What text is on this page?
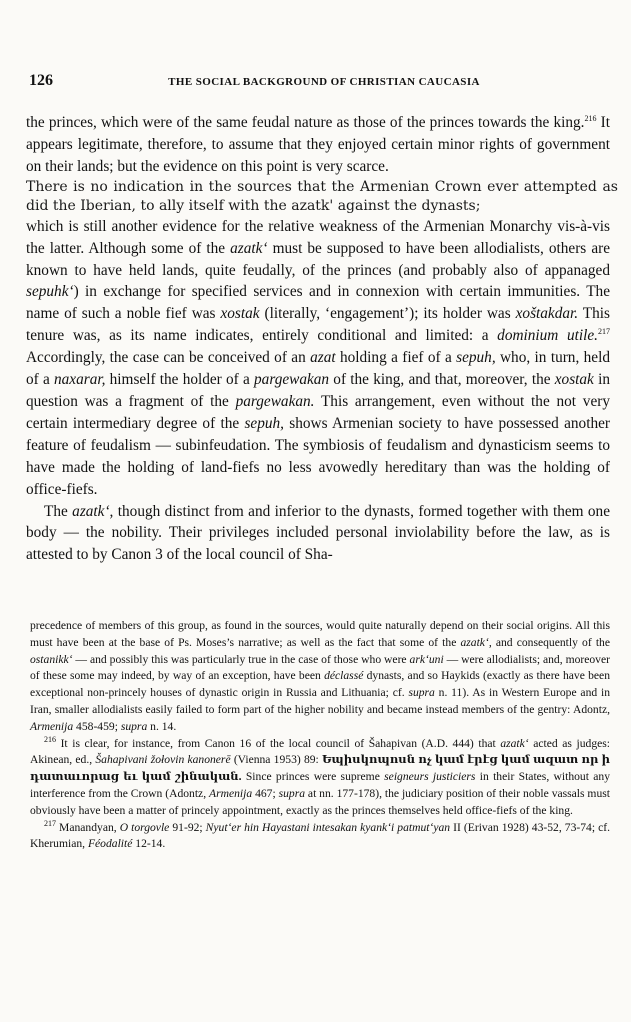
126	THE SOCIAL BACKGROUND OF CHRISTIAN CAUCASIA

the princes, which were of the same feudal nature as those of the princes towards the king.$^{216}$ It appears legitimate, therefore, to assume that they enjoyed certain minor rights of government on their lands; but the evidence on this point is very scarce.

There is no indication in the sources that the Armenian Crown ever attempted as did the Iberian, to ally itself with the azatk' against the dynasts;

which is still another evidence for the relative weakness of the Armenian Monarchy vis-à-vis the latter. Although some of the azatk‘ must be supposed to have been allodialists, others are known to have held lands, quite feudally, of the princes (and probably also of appanaged sepuhk‘) in exchange for specified services and in connexion with certain immunities. The name of such a noble fief was xostak (literally, ‘engagement’); its holder was xoštakdar. This tenure was, as its name indicates, entirely conditional and limited: a dominium utile.$^{217}$ Accordingly, the case can be conceived of an azat holding a fief of a sepuh, who, in turn, held of a naxarar, himself the holder of a pargewakan of the king, and that, moreover, the xostak in question was a fragment of the pargewakan. This arrangement, even without the not very certain intermediary degree of the sepuh, shows Armenian society to have possessed another feature of feudalism — subinfeudation. The symbiosis of feudalism and dynasticism seems to have made the holding of land-fiefs no less avowedly hereditary than was the holding of office-fiefs.

The azatk‘, though distinct from and inferior to the dynasts, formed together with them one body — the nobility. Their privileges included personal inviolability before the law, as is attested to by Canon 3 of the local council of Sha-

precedence of members of this group, as found in the sources, would quite naturally depend on their social origins. All this must have been at the base of Ps. Moses’s narrative; as well as the fact that some of the azatk‘, and consequently of the ostanikk‘ — and possibly this was particularly true in the case of those who were ark‘uni — were allodialists; and, moreover of these some may indeed, by way of an exception, have been déclassé dynasts, and so Haykids (exactly as there have been exceptional non-princely houses of dynastic origin in Russia and Lithuania; cf. supra n. 11). As in Western Europe and in Iran, smaller allodialists easily failed to form part of the higher nobility and became instead members of the gentry: Adontz, Armenija 458-459; supra n. 14.

$^{216}$ It is clear, for instance, from Canon 16 of the local council of Šahapivan (A.D. 444) that azatk‘ acted as judges: Akinean, ed., Šahapivani žołovin kanonerē (Vienna 1953) 89: Եպիսկոպոսն ոչ կամ էրէց կամ ազատ որ ի դատաւորաց եւ կամ շինական. Since princes were supreme seigneurs justiciers in their States, without any interference from the Crown (Adontz, Armenija 467; supra at nn. 177-178), the judiciary position of their noble vassals must obviously have been a matter of princely appointment, exactly as the princes themselves held office-fiefs of the king.

$^{217}$ Manandyan, O torgovle 91-92; Nyut‘er hin Hayastani intesakan kyank‘i patmut‘yan II (Erivan 1928) 43-52, 73-74; cf. Kherumian, Féodalité 12-14.
